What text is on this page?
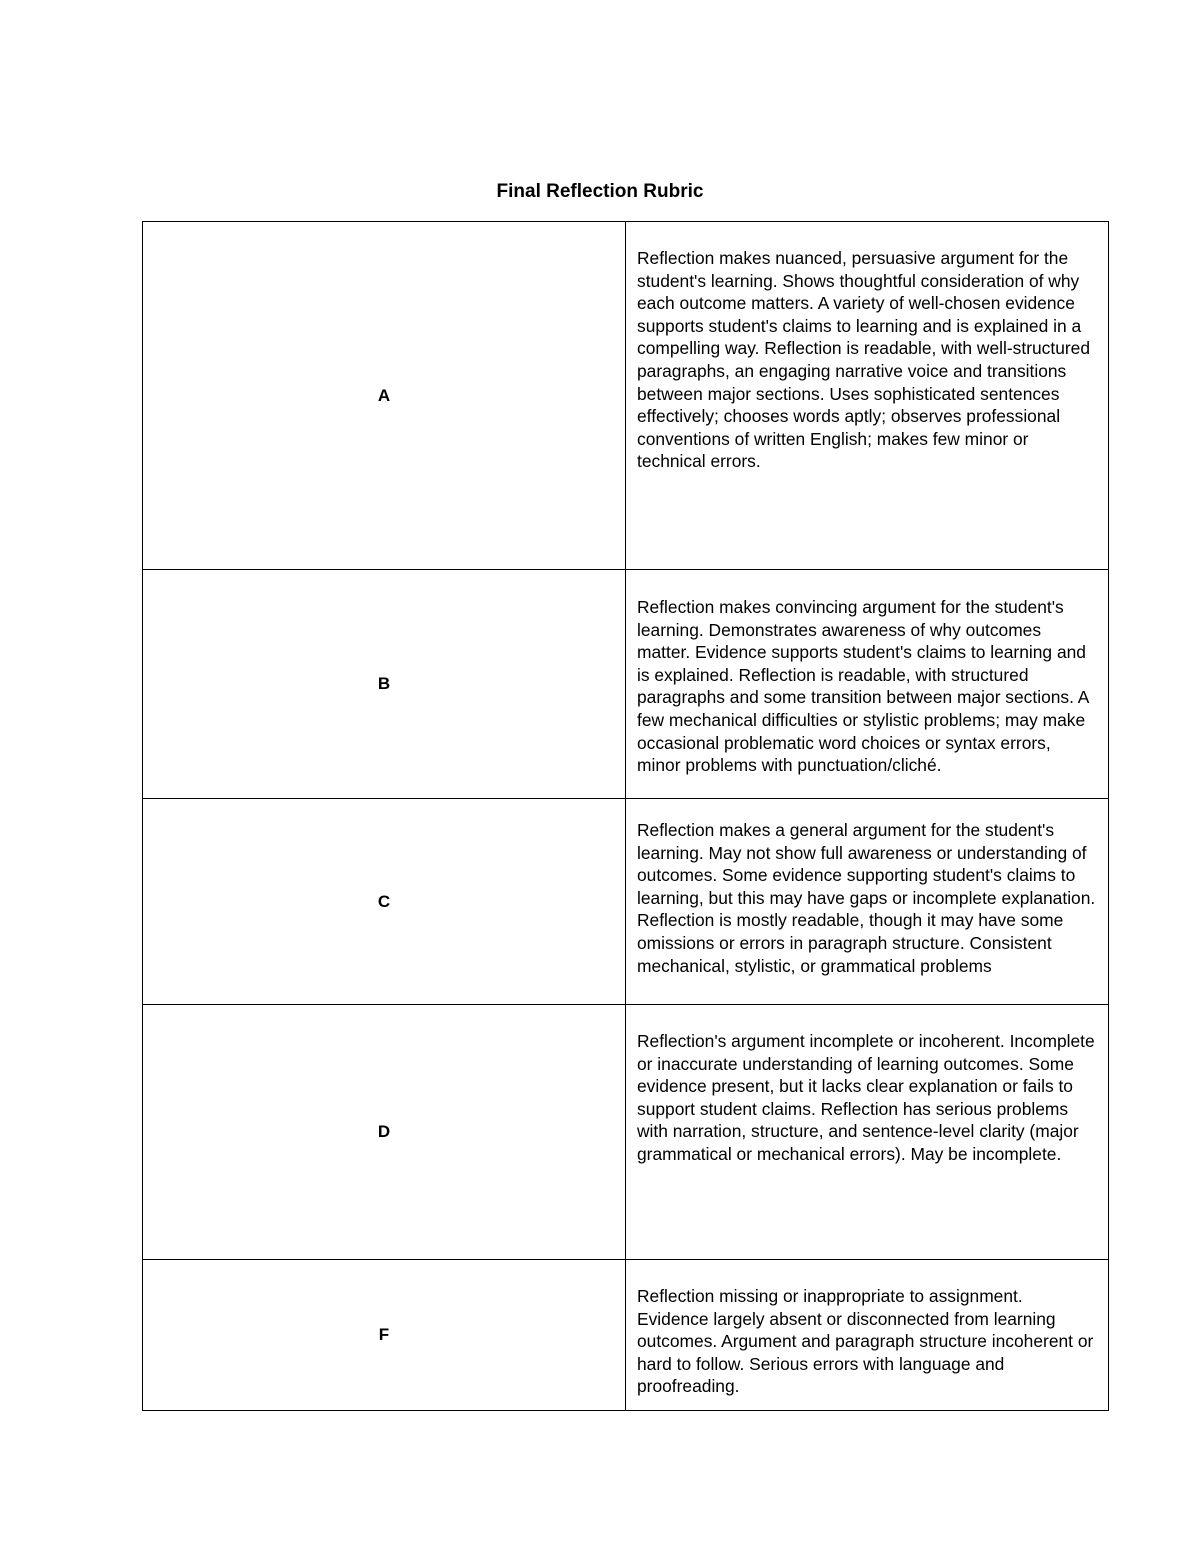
Final Reflection Rubric
A	Reflection makes nuanced, persuasive argument for the student's learning. Shows thoughtful consideration of why each outcome matters. A variety of well-chosen evidence supports student's claims to learning and is explained in a compelling way. Reflection is readable, with well-structured paragraphs, an engaging narrative voice and transitions between major sections. Uses sophisticated sentences effectively; chooses words aptly; observes professional conventions of written English; makes few minor or technical errors.

B	Reflection makes convincing argument for the student's learning. Demonstrates awareness of why outcomes matter. Evidence supports student's claims to learning and is explained. Reflection is readable, with structured paragraphs and some transition between major sections. A few mechanical difficulties or stylistic problems; may make occasional problematic word choices or syntax errors, minor problems with punctuation/cliché.

C	Reflection makes a general argument for the student's learning. May not show full awareness or understanding of outcomes. Some evidence supporting student's claims to learning, but this may have gaps or incomplete explanation. Reflection is mostly readable, though it may have some omissions or errors in paragraph structure. Consistent mechanical, stylistic, or grammatical problems

D	Reflection's argument incomplete or incoherent. Incomplete or inaccurate understanding of learning outcomes. Some evidence present, but it lacks clear explanation or fails to support student claims. Reflection has serious problems with narration, structure, and sentence-level clarity (major grammatical or mechanical errors). May be incomplete.

F	Reflection missing or inappropriate to assignment. Evidence largely absent or disconnected from learning outcomes. Argument and paragraph structure incoherent or hard to follow. Serious errors with language and proofreading.
